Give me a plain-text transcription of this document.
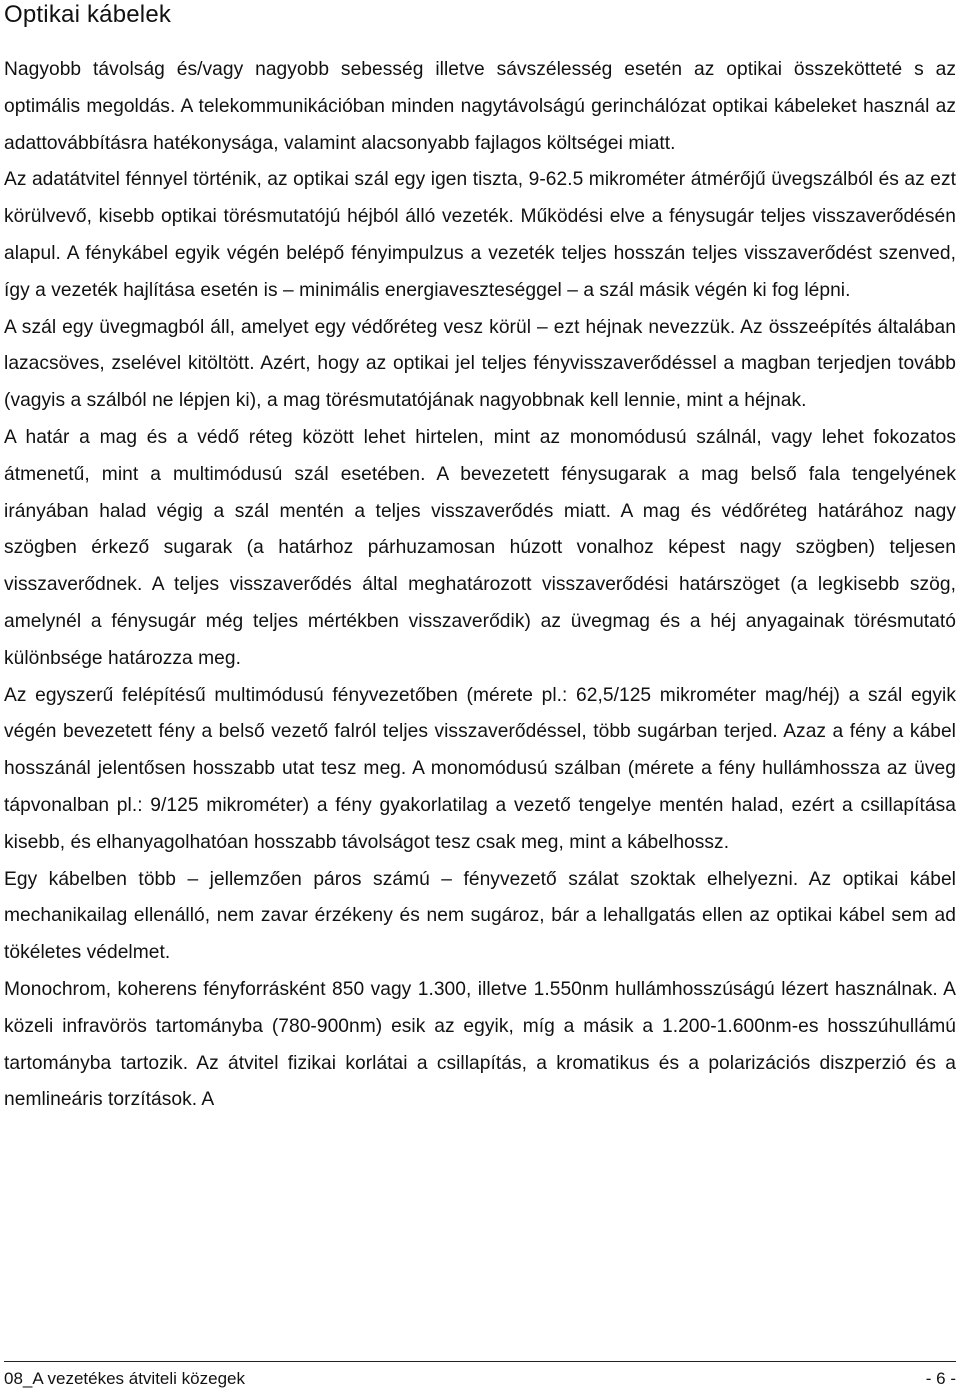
Optikai kábelek

Nagyobb távolság és/vagy nagyobb sebesség illetve sávszélesség esetén az optikai összekötteté s az optimális megoldás. A telekommunikációban minden nagytávolságú gerinchálózat optikai kábeleket használ az adattovábbításra hatékonysága, valamint alacsonyabb fajlagos költségei miatt.

Az adatátvitel fénnyel történik, az optikai szál egy igen tiszta, 9-62.5 mikrométer átmérőjű üvegszálból és az ezt körülvevő, kisebb optikai törésmutatójú héjból álló vezeték. Működési elve a fénysugár teljes visszaverődésén alapul. A fénykábel egyik végén belépő fényimpulzus a vezeték teljes hosszán teljes visszaverődést szenved, így a vezeték hajlítása esetén is – minimális energiaveszteséggel – a szál másik végén ki fog lépni.

A szál egy üvegmagból áll, amelyet egy védőréteg vesz körül – ezt héjnak nevezzük. Az összeépítés általában lazacsöves, zselével kitöltött. Azért, hogy az optikai jel teljes fényvisszaverődéssel a magban terjedjen tovább (vagyis a szálból ne lépjen ki), a mag törésmutatójának nagyobbnak kell lennie, mint a héjnak.

A határ a mag és a védő réteg között lehet hirtelen, mint az monomódusú szálnál, vagy lehet fokozatos átmenetű, mint a multimódusú szál esetében. A bevezetett fénysugarak a mag belső fala tengelyének irányában halad végig a szál mentén a teljes visszaverődés miatt. A mag és védőréteg határához nagy szögben érkező sugarak (a határhoz párhuzamosan húzott vonalhoz képest nagy szögben) teljesen visszaverődnek. A teljes visszaverődés által meghatározott visszaverődési határszöget (a legkisebb szög, amelynél a fénysugár még teljes mértékben visszaverődik) az üvegmag és a héj anyagainak törésmutató különbsége határozza meg.

Az egyszerű felépítésű multimódusú fényvezetőben (mérete pl.: 62,5/125 mikrométer mag/héj) a szál egyik végén bevezetett fény a belső vezető falról teljes visszaverődéssel, több sugárban terjed. Azaz a fény a kábel hosszánál jelentősen hosszabb utat tesz meg. A monomódusú szálban (mérete a fény hullámhossza az üveg tápvonalban pl.: 9/125 mikrométer) a fény gyakorlatilag a vezető tengelye mentén halad, ezért a csillapítása kisebb, és elhanyagolhatóan hosszabb távolságot tesz csak meg, mint a kábelhossz.

Egy kábelben több – jellemzően páros számú – fényvezető szálat szoktak elhelyezni. Az optikai kábel mechanikailag ellenálló, nem zavar érzékeny és nem sugároz, bár a lehallgatás ellen az optikai kábel sem ad tökéletes védelmet.

Monochrom, koherens fényforrásként 850 vagy 1.300, illetve 1.550nm hullámhosszúságú lézert használnak. A közeli infravörös tartományba (780-900nm) esik az egyik, míg a másik a 1.200-1.600nm-es hosszúhullámú tartományba tartozik. Az átvitel fizikai korlátai a csillapítás, a kromatikus és a polarizációs diszperzió és a nemlineáris torzítások. A

08_A vezetékes átviteli közegek	- 6 -
